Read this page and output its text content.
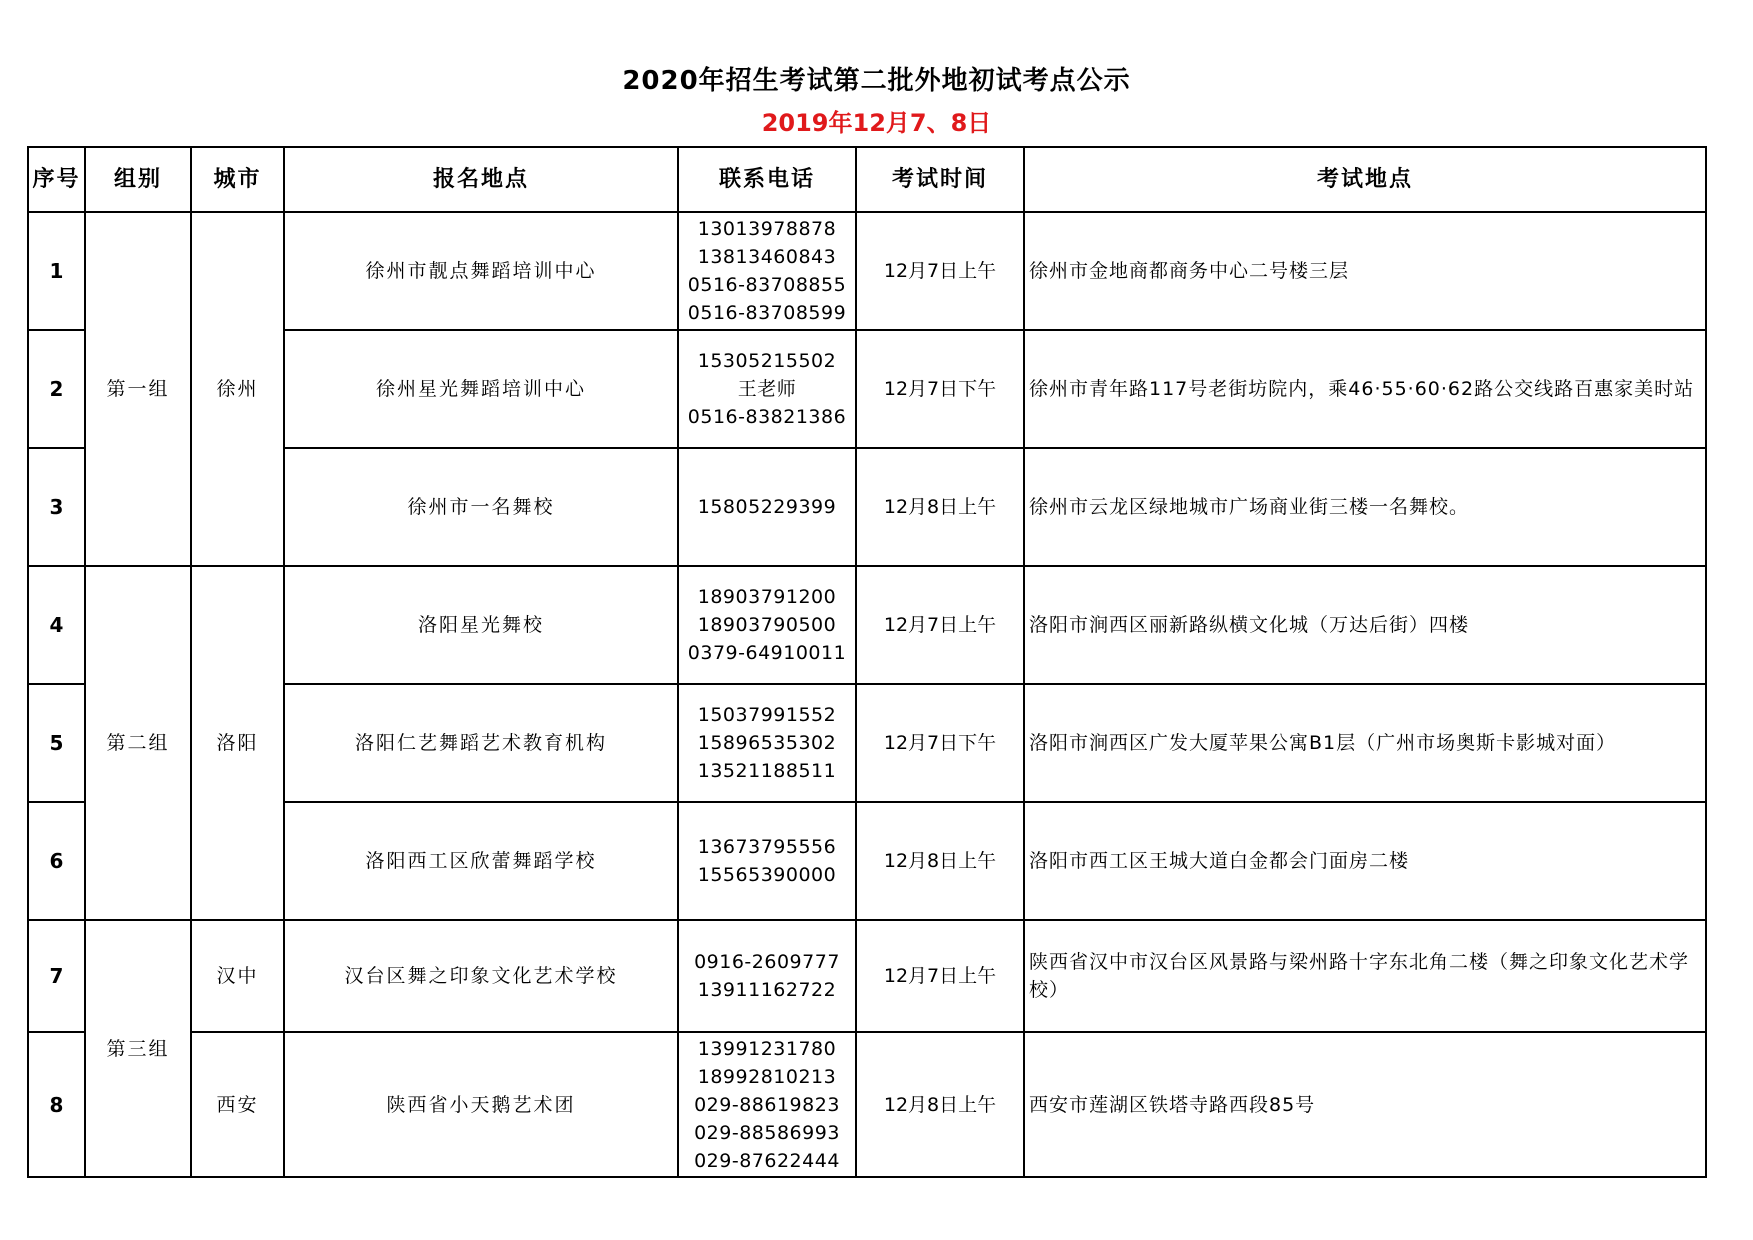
2020年招生考试第二批外地初试考点公示
2019年12月7、8日
序号	组别	城市	报名地点	联系电话	考试时间	考试地点
1	第一组	徐州	徐州市靓点舞蹈培训中心	13013978878
13813460843
0516-83708855
0516-83708599	12月7日上午	徐州市金地商都商务中心二号楼三层
2			徐州星光舞蹈培训中心	15305215502
王老师
0516-83821386	12月7日下午	徐州市青年路117号老街坊院内，乘46·55·60·62路公交线路百惠家美时站
3			徐州市一名舞校	15805229399	12月8日上午	徐州市云龙区绿地城市广场商业街三楼一名舞校。
4	第二组	洛阳	洛阳星光舞校	18903791200
18903790500
0379-64910011	12月7日上午	洛阳市涧西区丽新路纵横文化城（万达后街）四楼
5			洛阳仁艺舞蹈艺术教育机构	15037991552
15896535302
13521188511	12月7日下午	洛阳市涧西区广发大厦苹果公寓B1层（广州市场奥斯卡影城对面）
6			洛阳西工区欣蕾舞蹈学校	13673795556
15565390000	12月8日上午	洛阳市西工区王城大道白金都会门面房二楼
7	第三组	汉中	汉台区舞之印象文化艺术学校	0916-2609777
13911162722	12月7日上午	陕西省汉中市汉台区风景路与梁州路十字东北角二楼（舞之印象文化艺术学校）
8		西安	陕西省小天鹅艺术团	13991231780
18992810213
029-88619823
029-88586993
029-87622444	12月8日上午	西安市莲湖区铁塔寺路西段85号
